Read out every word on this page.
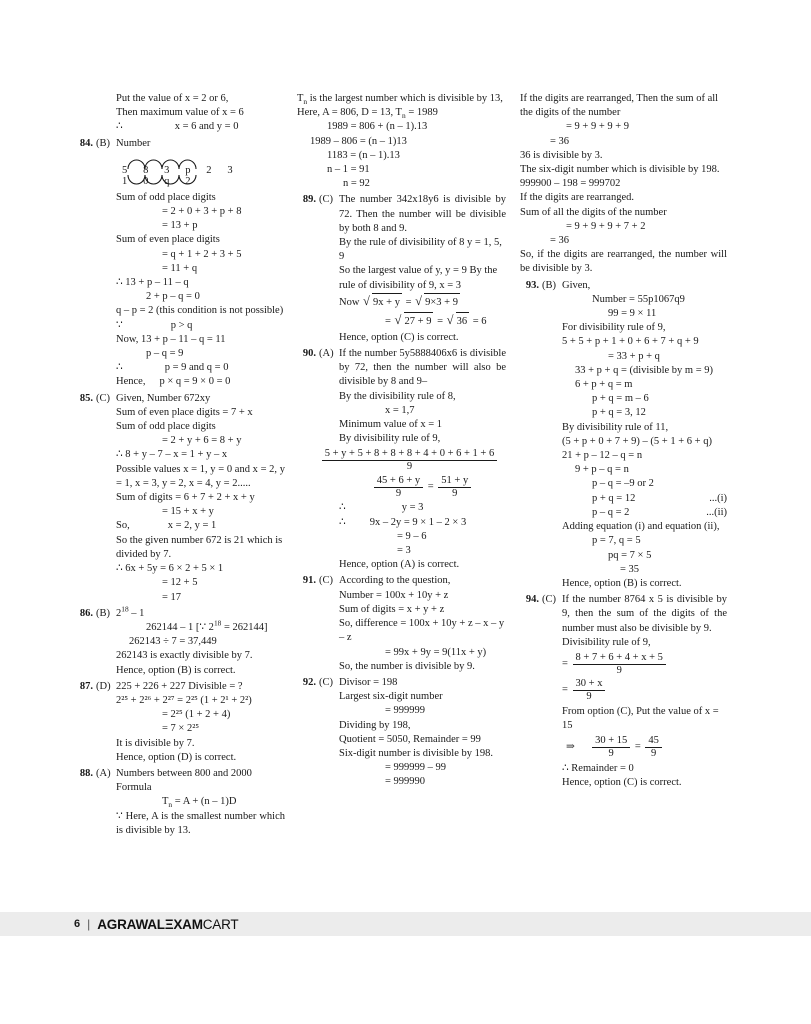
Put the value of x = 2 or 6,
Then maximum value of x = 6
∴	x = 6 and y = 0
84. (B) Number
5 8 3 p 2 3 1 0 q 2
Sum of odd place digits
= 2 + 0 + 3 + p + 8
= 13 + p
Sum of even place digits
= q + 1 + 2 + 3 + 5
= 11 + q
∴ 13 + p – 11 – q
2 + p – q = 0
q – p = 2 (this condition is not possible)
∵	p > q
Now, 13 + p – 11 – q = 11
p – q = 9
∴	p = 9 and q = 0
Hence, p × q = 9 × 0 = 0
85. (C) Given, Number 672xy
Sum of even place digits = 7 + x
Sum of odd place digits
= 2 + y + 6 = 8 + y
∴ 8 + y – 7 – x = 1 + y – x
Possible values x = 1, y = 0 and x = 2, y = 1, x = 3, y = 2, x = 4, y = 2.....
Sum of digits = 6 + 7 + 2 + x + y
= 15 + x + y
So,	x = 2, y = 1
So the given number 672 is 21 which is divided by 7.
∴ 6x + 5y = 6 × 2 + 5 × 1
= 12 + 5
= 17
86. (B) $2^{18} - 1$
262144 – 1 [∵ $2^{18} = 262144$]
262143 ÷ 7 = 37,449
262143 is exactly divisible by 7.
Hence, option (B) is correct.
87. (D) 225 + 226 + 227 Divisible = ?
2²⁵ + 2²⁶ + 2²⁷ = 2²⁵ (1 + 2¹ + 2²)
= 2²⁵ (1 + 2 + 4)
= 7 × 2²⁵
It is divisible by 7.
Hence, option (D) is correct.
88. (A) Numbers between 800 and 2000
Formula
$T_n = A + (n - 1)D$
∵ Here, A is the smallest number which is divisible by 13.
$T_n$ is the largest number which is divisible by 13,
Here, A = 806, D = 13, $T_n = 1989$
1989 = 806 + (n – 1).13
1989 – 806 = (n – 1)13
1183 = (n – 1).13
n – 1 = 91
n = 92
89. (C) The number 342x18y6 is divisible by 72. Then the number will be divisible by both 8 and 9.
By the rule of divisibility of 8 y = 1, 5, 9
So the largest value of y, y = 9 By the rule of divisibility of 9, x = 3
Now √ 9x + y = √ 9×3 + 9
= √ 27 + 9 = √ 36 = 6
Hence, option (C) is correct.
90. (A) If the number 5y5888406x6 is divisible by 72, then the number will also be divisible by 8 and 9–
By the divisibility rule of 8,
x = 1,7
Minimum value of x = 1
By divisibility rule of 9,
$\frac{5 + y + 5 + 8 + 8 + 8 + 4 + 0 + 6 + 1 + 6}{9}$
$\frac{45 + 6 + y}{9} = \frac{51 + y}{9}$
∴	y = 3
∴ 9x – 2y = 9 × 1 – 2 × 3
= 9 – 6
= 3
Hence, option (A) is correct.
91. (C) According to the question,
Number = 100x + 10y + z
Sum of digits = x + y + z
So, difference = 100x + 10y + z – x – y – z
= 99x + 9y = 9(11x + y)
So, the number is divisible by 9.
92. (C) Divisor = 198
Largest six-digit number
= 999999
Dividing by 198,
Quotient = 5050, Remainder = 99
Six-digit number is divisible by 198.
= 999999 – 99
= 999990
If the digits are rearranged, Then the sum of all the digits of the number
= 9 + 9 + 9 + 9
= 36
36 is divisible by 3.
The six-digit number which is divisible by 198.
999900 – 198 = 999702
If the digits are rearranged.
Sum of all the digits of the number
= 9 + 9 + 9 + 7 + 2
= 36
So, if the digits are rearranged, the number will be divisible by 3.
93. (B) Given,
Number = 55p1067q9
99 = 9 × 11
For divisibility rule of 9,
5 + 5 + p + 1 + 0 + 6 + 7 + q + 9
= 33 + p + q
33 + p + q = (divisible by m = 9)
6 + p + q = m
p + q = m – 6
p + q = 3, 12
By divisibility rule of 11,
(5 + p + 0 + 7 + 9) – (5 + 1 + 6 + q)
21 + p – 12 – q = n
9 + p – q = n
p – q = –9 or 2
p + q = 12	...(i)
p – q = 2	...(ii)
Adding equation (i) and equation (ii),
p = 7, q = 5
pq = 7 × 5
= 35
Hence, option (B) is correct.
94. (C) If the number 8764 x 5 is divisible by 9, then the sum of the digits of the number must also be divisible by 9.
Divisibility rule of 9,
= $\frac{8 + 7 + 6 + 4 + x + 5}{9}$
= $\frac{30 + x}{9}$
From option (C), Put the value of x = 15
⇒ $\frac{30 + 15}{9} = \frac{45}{9}$
∴ Remainder = 0
Hence, option (C) is correct.
6 | AGRAWALΞXAMCART
